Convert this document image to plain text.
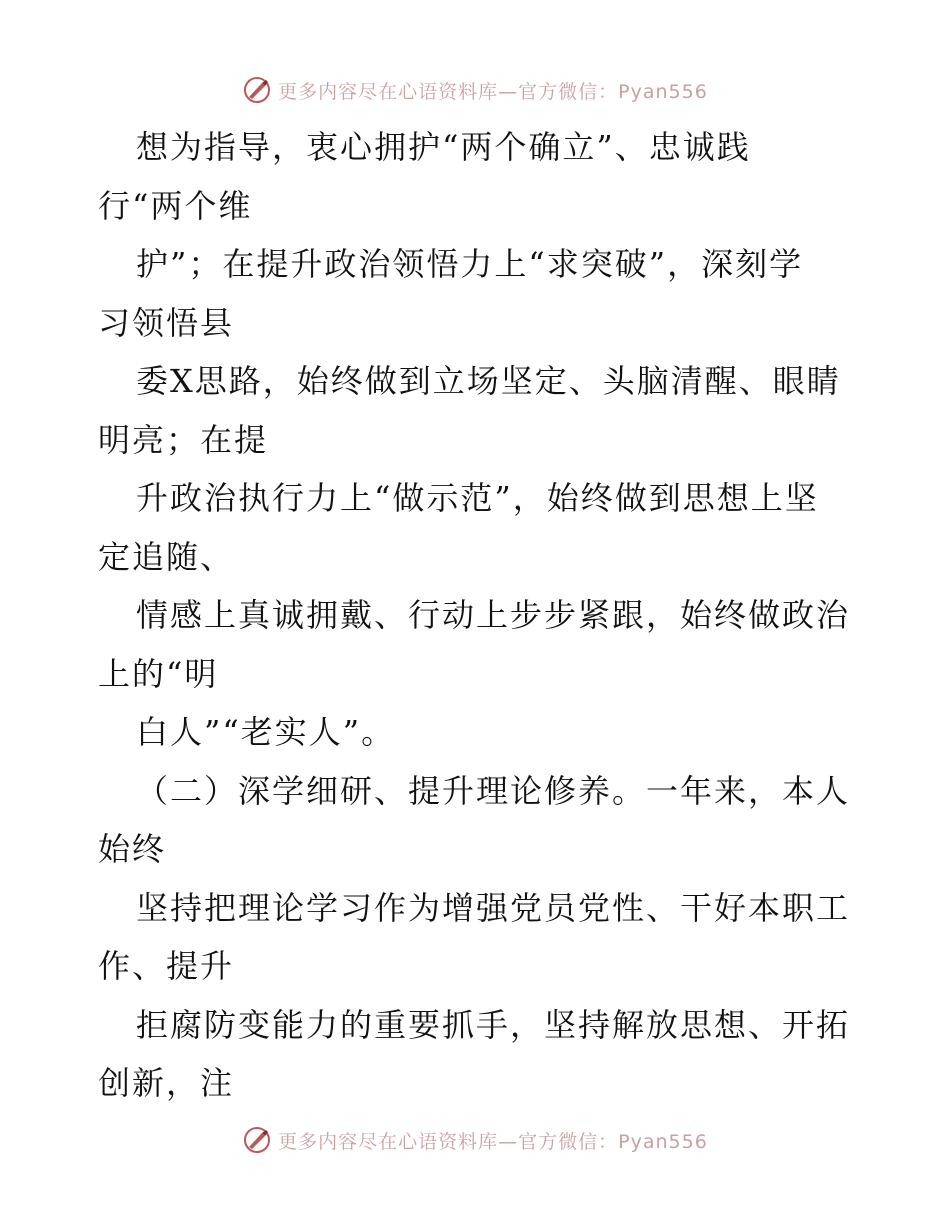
更多内容尽在心语资料库—官方微信：Pyan556
想为指导，衷心拥护“两个确立”、忠诚践
行“两个维
护”；在提升政治领悟力上“求突破”，深刻学
习领悟县
委X思路，始终做到立场坚定、头脑清醒、眼睛
明亮；在提
升政治执行力上“做示范”，始终做到思想上坚
定追随、
情感上真诚拥戴、行动上步步紧跟，始终做政治
上的“明
白人”“老实人”。
（二）深学细研、提升理论修养。一年来，本人
始终
坚持把理论学习作为增强党员党性、干好本职工
作、提升
拒腐防变能力的重要抓手，坚持解放思想、开拓
创新，注
更多内容尽在心语资料库—官方微信：Pyan556
